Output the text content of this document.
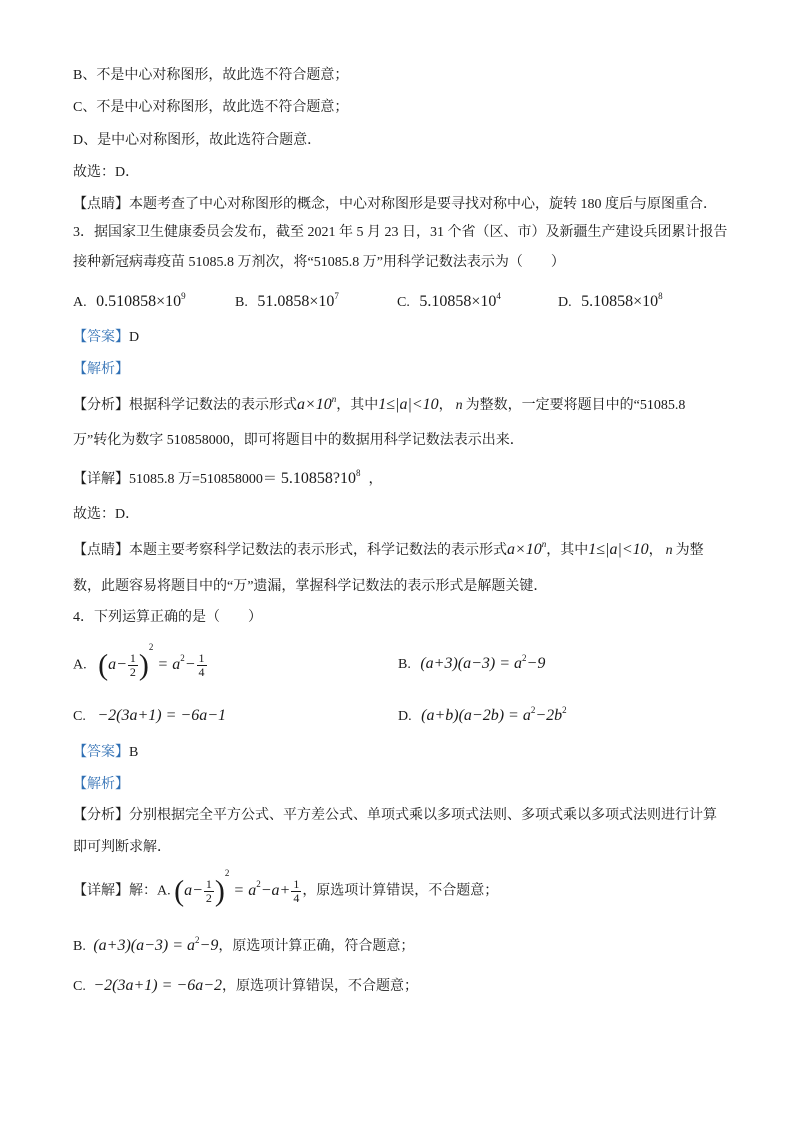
B、不是中心对称图形，故此选不符合题意；
C、不是中心对称图形，故此选不符合题意；
D、是中心对称图形，故此选符合题意．
故选：D．
【点睛】本题考查了中心对称图形的概念，中心对称图形是要寻找对称中心，旋转 180 度后与原图重合．
3．据国家卫生健康委员会发布，截至 2021 年 5 月 23 日，31 个省（区、市）及新疆生产建设兵团累计报告
接种新冠病毒疫苗 51085.8 万剂次，将“51085.8 万”用科学记数法表示为（　　）
A. $0.510858\times 10^9$	B. $51.0858\times 10^7$	C. $5.10858\times 10^4$	D. $5.10858\times 10^8$
【答案】D
【解析】
【分析】根据科学记数法的表示形式$a\times 10^n$，其中1≤|a|<10， n 为整数，一定要将题目中的“51085.8
万”转化为数字 510858000，即可将题目中的数据用科学记数法表示出来．
【详解】51085.8 万$=510858000= 5.10858?10^8$ ，
故选：D．
【点睛】本题主要考察科学记数法的表示形式，科学记数法的表示形式$a\times 10^n$，其中1≤|a|<10， n 为整
数，此题容易将题目中的“万”遗漏，掌握科学记数法的表示形式是解题关键．
4．下列运算正确的是（　　）
A. $(a- \frac{1}{2} )^2= a^2- \frac{1}{4}$	B. $(a+3)(a-3) = a^2-9$
C. −2(3a+1) = −6a−1	D. $(a+b)(a-2b) = a^2-2b^2$
【答案】B
【解析】
【分析】分别根据完全平方公式、平方差公式、单项式乘以多项式法则、多项式乘以多项式法则进行计算
即可判断求解．
【详解】解：A. $(a- \frac{1}{2} )^2= a^2-a+ \frac{1}{4}$ ，原选项计算错误，不合题意；
B. $(a+3)(a-3) = a^2-9$，原选项计算正确，符合题意；
C. −2(3a+1) = −6a−2，原选项计算错误，不合题意；
